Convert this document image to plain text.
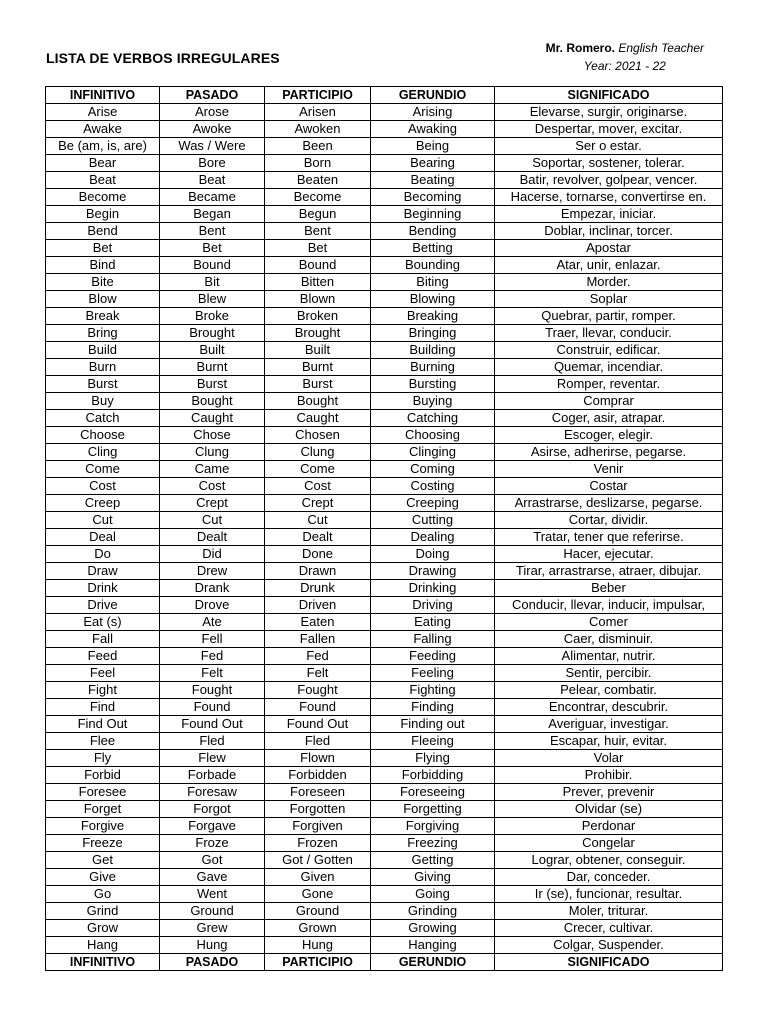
LISTA DE VERBOS IRREGULARES
Mr. Romero. English Teacher
Year: 2021 - 22
INFINITIVO	PASADO	PARTICIPIO	GERUNDIO	SIGNIFICADO
Arise	Arose	Arisen	Arising	Elevarse, surgir, originarse.
Awake	Awoke	Awoken	Awaking	Despertar, mover, excitar.
Be (am, is, are)	Was / Were	Been	Being	Ser o estar.
Bear	Bore	Born	Bearing	Soportar, sostener, tolerar.
Beat	Beat	Beaten	Beating	Batir, revolver, golpear, vencer.
Become	Became	Become	Becoming	Hacerse, tornarse, convertirse en.
Begin	Began	Begun	Beginning	Empezar, iniciar.
Bend	Bent	Bent	Bending	Doblar, inclinar, torcer.
Bet	Bet	Bet	Betting	Apostar
Bind	Bound	Bound	Bounding	Atar, unir, enlazar.
Bite	Bit	Bitten	Biting	Morder.
Blow	Blew	Blown	Blowing	Soplar
Break	Broke	Broken	Breaking	Quebrar, partir, romper.
Bring	Brought	Brought	Bringing	Traer, llevar, conducir.
Build	Built	Built	Building	Construir, edificar.
Burn	Burnt	Burnt	Burning	Quemar, incendiar.
Burst	Burst	Burst	Bursting	Romper, reventar.
Buy	Bought	Bought	Buying	Comprar
Catch	Caught	Caught	Catching	Coger, asir, atrapar.
Choose	Chose	Chosen	Choosing	Escoger, elegir.
Cling	Clung	Clung	Clinging	Asirse, adherirse, pegarse.
Come	Came	Come	Coming	Venir
Cost	Cost	Cost	Costing	Costar
Creep	Crept	Crept	Creeping	Arrastrarse, deslizarse, pegarse.
Cut	Cut	Cut	Cutting	Cortar, dividir.
Deal	Dealt	Dealt	Dealing	Tratar, tener que referirse.
Do	Did	Done	Doing	Hacer, ejecutar.
Draw	Drew	Drawn	Drawing	Tirar, arrastrarse, atraer, dibujar.
Drink	Drank	Drunk	Drinking	Beber
Drive	Drove	Driven	Driving	Conducir, llevar, inducir, impulsar,
Eat (s)	Ate	Eaten	Eating	Comer
Fall	Fell	Fallen	Falling	Caer, disminuir.
Feed	Fed	Fed	Feeding	Alimentar, nutrir.
Feel	Felt	Felt	Feeling	Sentir, percibir.
Fight	Fought	Fought	Fighting	Pelear, combatir.
Find	Found	Found	Finding	Encontrar, descubrir.
Find Out	Found Out	Found Out	Finding out	Averiguar, investigar.
Flee	Fled	Fled	Fleeing	Escapar, huir, evitar.
Fly	Flew	Flown	Flying	Volar
Forbid	Forbade	Forbidden	Forbidding	Prohibir.
Foresee	Foresaw	Foreseen	Foreseeing	Prever, prevenir
Forget	Forgot	Forgotten	Forgetting	Olvidar (se)
Forgive	Forgave	Forgiven	Forgiving	Perdonar
Freeze	Froze	Frozen	Freezing	Congelar
Get	Got	Got / Gotten	Getting	Lograr, obtener, conseguir.
Give	Gave	Given	Giving	Dar, conceder.
Go	Went	Gone	Going	Ir (se), funcionar, resultar.
Grind	Ground	Ground	Grinding	Moler, triturar.
Grow	Grew	Grown	Growing	Crecer, cultivar.
Hang	Hung	Hung	Hanging	Colgar, Suspender.
INFINITIVO	PASADO	PARTICIPIO	GERUNDIO	SIGNIFICADO
